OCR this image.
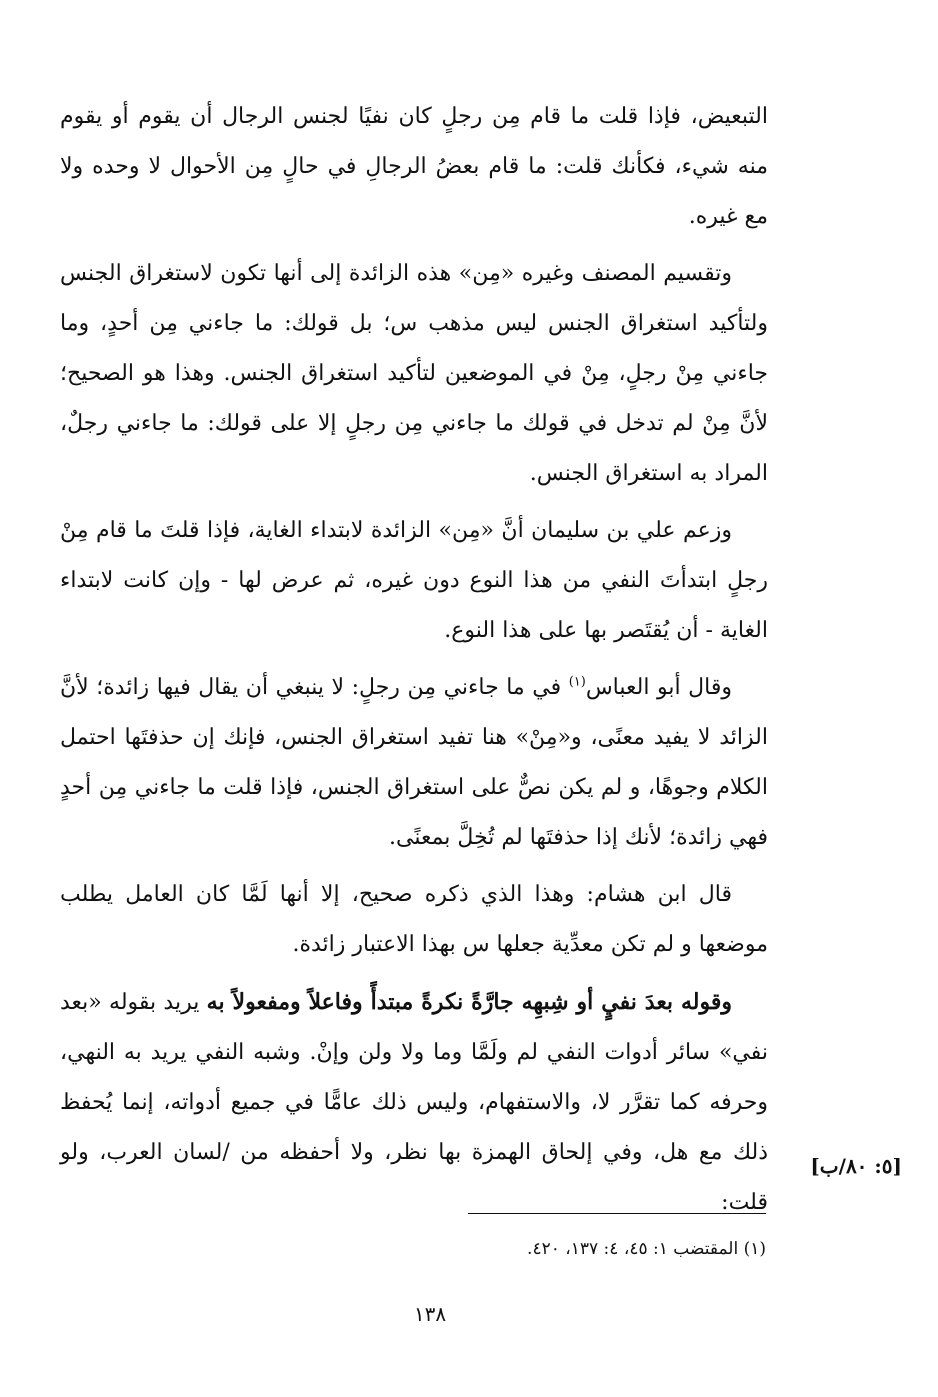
التبعيض، فإذا قلت ما قام مِن رجلٍ كان نفيًا لجنس الرجال أن يقوم أو يقوم منه شيء، فكأنك قلت: ما قام بعضُ الرجالِ في حالٍ مِن الأحوال لا وحده ولا مع غيره.

وتقسيم المصنف وغيره «مِن» هذه الزائدة إلى أنها تكون لاستغراق الجنس ولتأكيد استغراق الجنس ليس مذهب س؛ بل قولك: ما جاءني مِن أحدٍ، وما جاءني مِنْ رجلٍ، مِنْ في الموضعين لتأكيد استغراق الجنس. وهذا هو الصحيح؛ لأنَّ مِنْ لم تدخل في قولك ما جاءني مِن رجلٍ إلا على قولك: ما جاءني رجلٌ، المراد به استغراق الجنس.

وزعم علي بن سليمان أنَّ «مِن» الزائدة لابتداء الغاية، فإذا قلتَ ما قام مِنْ رجلٍ ابتدأتَ النفي من هذا النوع دون غيره، ثم عرض لها - وإن كانت لابتداء الغاية - أن يُقتَصر بها على هذا النوع.

وقال أبو العباس$^{(١)}$ في ما جاءني مِن رجلٍ: لا ينبغي أن يقال فيها زائدة؛ لأنَّ الزائد لا يفيد معنًى، و«مِنْ» هنا تفيد استغراق الجنس، فإنك إن حذفتَها احتمل الكلام وجوهًا، و لم يكن نصٌّ على استغراق الجنس، فإذا قلت ما جاءني مِن أحدٍ فهي زائدة؛ لأنك إذا حذفتَها لم تُخِلَّ بمعنًى.

قال ابن هشام: وهذا الذي ذكره صحيح، إلا أنها لَمَّا كان العامل يطلب موضعها و لم تكن معدِّية جعلها س بهذا الاعتبار زائدة.

وقوله بعدَ نفيٍ أو شِبهِه جارَّةً نكرةً مبتدأً وفاعلاً ومفعولاً به يريد بقوله «بعد نفي» سائر أدوات النفي لم ولَمَّا وما ولا ولن وإنْ. وشبه النفي يريد به النهي، وحرفه كما تقرَّر لا، والاستفهام، وليس ذلك عامًّا في جميع أدواته، إنما يُحفظ ذلك مع هل، وفي إلحاق الهمزة بها نظر، ولا أحفظه من /لسان العرب، ولو قلت:

[٥: ٨٠/ب]
(١) المقتضب ١: ٤٥، ٤: ١٣٧، ٤٢٠.
١٣٨
